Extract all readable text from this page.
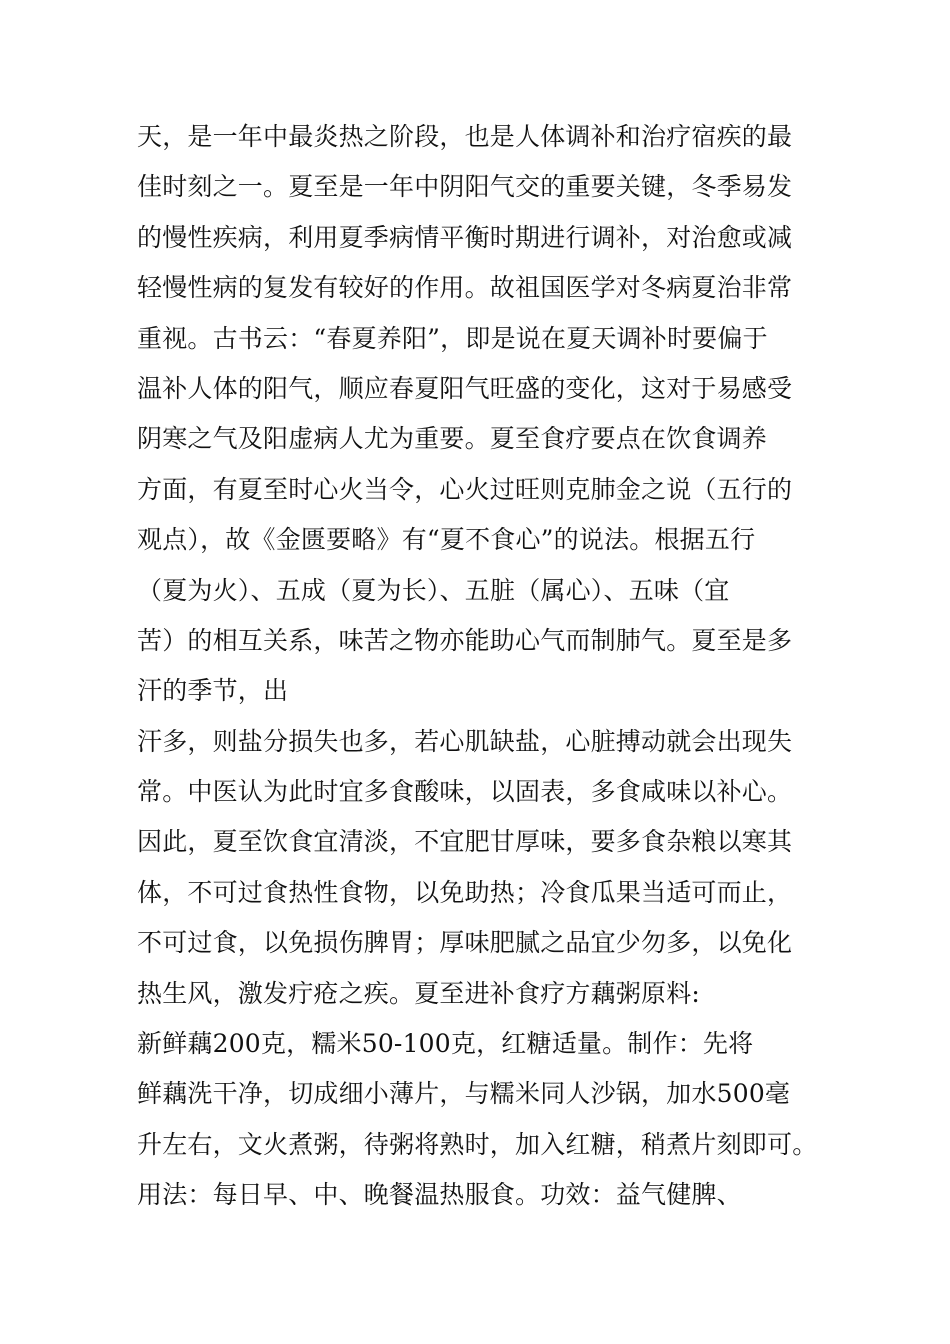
天，是一年中最炎热之阶段，也是人体调补和治疗宿疾的最
佳时刻之一。夏至是一年中阴阳气交的重要关键，冬季易发
的慢性疾病，利用夏季病情平衡时期进行调补，对治愈或减
轻慢性病的复发有较好的作用。故祖国医学对冬病夏治非常
重视。古书云：“春夏养阳”，即是说在夏天调补时要偏于
温补人体的阳气，顺应春夏阳气旺盛的变化，这对于易感受
阴寒之气及阳虚病人尤为重要。夏至食疗要点在饮食调养
方面，有夏至时心火当令，心火过旺则克肺金之说（五行的
观点），故《金匮要略》有“夏不食心”的说法。根据五行
（夏为火）、五成（夏为长）、五脏（属心）、五味（宜
苦）的相互关系，味苦之物亦能助心气而制肺气。夏至是多
汗的季节，出
汗多，则盐分损失也多，若心肌缺盐，心脏搏动就会出现失
常。中医认为此时宜多食酸味，以固表，多食咸味以补心。
因此，夏至饮食宜清淡，不宜肥甘厚味，要多食杂粮以寒其
体，不可过食热性食物，以免助热；冷食瓜果当适可而止，
不可过食，以免损伤脾胃；厚味肥腻之品宜少勿多，以免化
热生风，激发疔疮之疾。夏至进补食疗方藕粥原料:
新鲜藕200克，糯米50-100克，红糖适量。制作：先将
鲜藕洗干净，切成细小薄片，与糯米同人沙锅，加水500毫
升左右，文火煮粥，待粥将熟时，加入红糖，稍煮片刻即可。
用法：每日早、中、晚餐温热服食。功效：益气健脾、
